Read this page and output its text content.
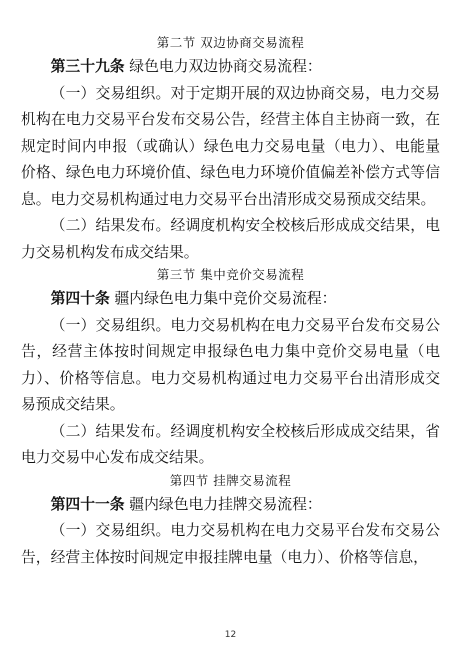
第二节 双边协商交易流程

第三十九条 绿色电力双边协商交易流程：

（一）交易组织。对于定期开展的双边协商交易，电力交易机构在电力交易平台发布交易公告，经营主体自主协商一致，在规定时间内申报（或确认）绿色电力交易电量（电力）、电能量价格、绿色电力环境价值、绿色电力环境价值偏差补偿方式等信息。电力交易机构通过电力交易平台出清形成交易预成交结果。

（二）结果发布。经调度机构安全校核后形成成交结果，电力交易机构发布成交结果。

第三节 集中竞价交易流程

第四十条 疆内绿色电力集中竞价交易流程：

（一）交易组织。电力交易机构在电力交易平台发布交易公告，经营主体按时间规定申报绿色电力集中竞价交易电量（电力）、价格等信息。电力交易机构通过电力交易平台出清形成交易预成交结果。

（二）结果发布。经调度机构安全校核后形成成交结果，省电力交易中心发布成交结果。

第四节 挂牌交易流程

第四十一条 疆内绿色电力挂牌交易流程：

（一）交易组织。电力交易机构在电力交易平台发布交易公告，经营主体按时间规定申报挂牌电量（电力）、价格等信息，

12
